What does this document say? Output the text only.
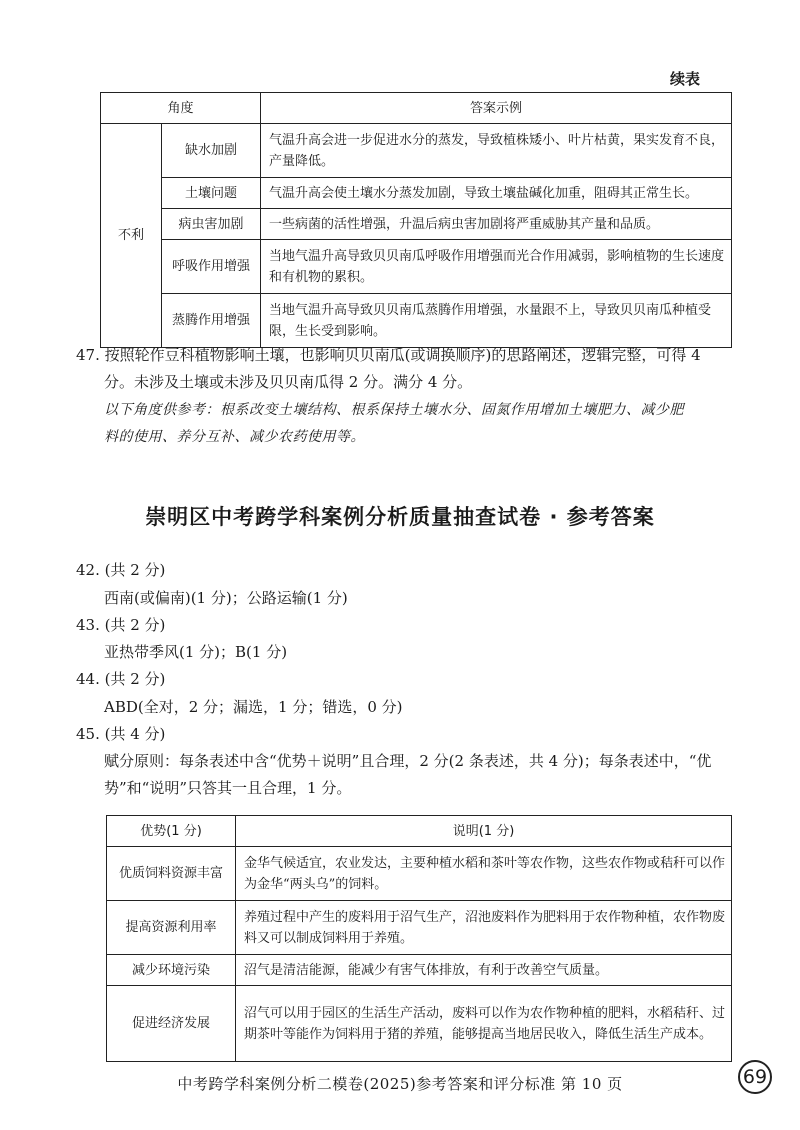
续表
角度		答案示例
不利	缺水加剧	气温升高会进一步促进水分的蒸发，导致植株矮小、叶片枯黄，果实发育不良，产量降低。
	土壤问题	气温升高会使土壤水分蒸发加剧，导致土壤盐碱化加重，阻碍其正常生长。
	病虫害加剧	一些病菌的活性增强，升温后病虫害加剧将严重威胁其产量和品质。
	呼吸作用增强	当地气温升高导致贝贝南瓜呼吸作用增强而光合作用减弱，影响植物的生长速度和有机物的累积。
	蒸腾作用增强	当地气温升高导致贝贝南瓜蒸腾作用增强，水量跟不上，导致贝贝南瓜种植受限，生长受到影响。
47. 按照轮作豆科植物影响土壤，也影响贝贝南瓜(或调换顺序)的思路阐述，逻辑完整，可得 4
分。未涉及土壤或未涉及贝贝南瓜得 2 分。满分 4 分。
以下角度供参考：根系改变土壤结构、根系保持土壤水分、固氮作用增加土壤肥力、减少肥
料的使用、养分互补、减少农药使用等。
崇明区中考跨学科案例分析质量抽查试卷 · 参考答案
42. (共 2 分)
西南(或偏南)(1 分)；公路运输(1 分)
43. (共 2 分)
亚热带季风(1 分)；B(1 分)
44. (共 2 分)
ABD(全对，2 分；漏选，1 分；错选，0 分)
45. (共 4 分)
赋分原则：每条表述中含“优势＋说明”且合理，2 分(2 条表述，共 4 分)；每条表述中，“优
势”和“说明”只答其一且合理，1 分。
优势(1 分)	说明(1 分)
优质饲料资源丰富	金华气候适宜，农业发达，主要种植水稻和茶叶等农作物，这些农作物或秸秆可以作为金华“两头乌”的饲料。
提高资源利用率	养殖过程中产生的废料用于沼气生产，沼池废料作为肥料用于农作物种植，农作物废料又可以制成饲料用于养殖。
减少环境污染	沼气是清洁能源，能减少有害气体排放，有利于改善空气质量。
促进经济发展	沼气可以用于园区的生活生产活动，废料可以作为农作物种植的肥料，水稻秸秆、过期茶叶等能作为饲料用于猪的养殖，能够提高当地居民收入，降低生活生产成本。
中考跨学科案例分析二模卷(2025)参考答案和评分标准 第 10 页	69
